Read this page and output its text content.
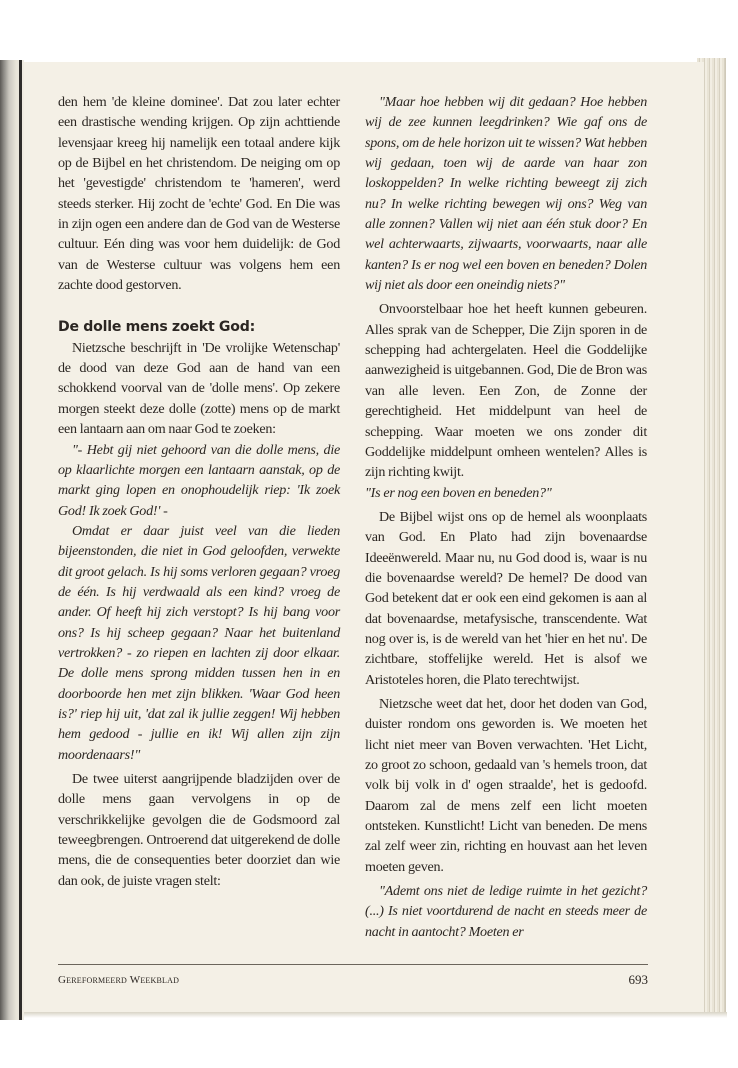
den hem 'de kleine dominee'. Dat zou later echter een drastische wending krijgen. Op zijn achttiende levensjaar kreeg hij namelijk een totaal andere kijk op de Bijbel en het christendom. De neiging om op het 'gevestigde' christendom te 'hameren', werd steeds sterker. Hij zocht de 'echte' God. En Die was in zijn ogen een andere dan de God van de Westerse cultuur. Eén ding was voor hem duidelijk: de God van de Westerse cultuur was volgens hem een zachte dood gestorven.

De dolle mens zoekt God:

Nietzsche beschrijft in 'De vrolijke Wetenschap' de dood van deze God aan de hand van een schokkend voorval van de 'dolle mens'. Op zekere morgen steekt deze dolle (zotte) mens op de markt een lantaarn aan om naar God te zoeken:

"- Hebt gij niet gehoord van die dolle mens, die op klaarlichte morgen een lantaarn aanstak, op de markt ging lopen en onophoudelijk riep: 'Ik zoek God! Ik zoek God!' -

Omdat er daar juist veel van die lieden bijeenstonden, die niet in God geloofden, verwekte dit groot gelach. Is hij soms verloren gegaan? vroeg de één. Is hij verdwaald als een kind? vroeg de ander. Of heeft hij zich verstopt? Is hij bang voor ons? Is hij scheep gegaan? Naar het buitenland vertrokken? - zo riepen en lachten zij door elkaar. De dolle mens sprong midden tussen hen in en doorboorde hen met zijn blikken. 'Waar God heen is?' riep hij uit, 'dat zal ik jullie zeggen! Wij hebben hem gedood - jullie en ik! Wij allen zijn zijn moordenaars!"

De twee uiterst aangrijpende bladzijden over de dolle mens gaan vervolgens in op de verschrikkelijke gevolgen die de Godsmoord zal teweegbrengen. Ontroerend dat uitgerekend de dolle mens, die de consequenties beter doorziet dan wie dan ook, de juiste vragen stelt:

"Maar hoe hebben wij dit gedaan? Hoe hebben wij de zee kunnen leegdrinken? Wie gaf ons de spons, om de hele horizon uit te wissen? Wat hebben wij gedaan, toen wij de aarde van haar zon loskoppelden? In welke richting beweegt zij zich nu? In welke richting bewegen wij ons? Weg van alle zonnen? Vallen wij niet aan één stuk door? En wel achterwaarts, zijwaarts, voorwaarts, naar alle kanten? Is er nog wel een boven en beneden? Dolen wij niet als door een oneindig niets?"

Onvoorstelbaar hoe het heeft kunnen gebeuren. Alles sprak van de Schepper, Die Zijn sporen in de schepping had achtergelaten. Heel die Goddelijke aanwezigheid is uitgebannen. God, Die de Bron was van alle leven. Een Zon, de Zonne der gerechtigheid. Het middelpunt van heel de schepping. Waar moeten we ons zonder dit Goddelijke middelpunt omheen wentelen? Alles is zijn richting kwijt.

"Is er nog een boven en beneden?"

De Bijbel wijst ons op de hemel als woonplaats van God. En Plato had zijn bovenaardse Ideeënwereld. Maar nu, nu God dood is, waar is nu die bovenaardse wereld? De hemel? De dood van God betekent dat er ook een eind gekomen is aan al dat bovenaardse, metafysische, transcendente. Wat nog over is, is de wereld van het 'hier en het nu'. De zichtbare, stoffelijke wereld. Het is alsof we Aristoteles horen, die Plato terechtwijst.

Nietzsche weet dat het, door het doden van God, duister rondom ons geworden is. We moeten het licht niet meer van Boven verwachten. 'Het Licht, zo groot zo schoon, gedaald van 's hemels troon, dat volk bij volk in d' ogen straalde', het is gedoofd. Daarom zal de mens zelf een licht moeten ontsteken. Kunstlicht! Licht van beneden. De mens zal zelf weer zin, richting en houvast aan het leven moeten geven.

"Ademt ons niet de ledige ruimte in het gezicht? (...) Is niet voortdurend de nacht en steeds meer de nacht in aantocht? Moeten er

Gereformeerd Weekblad	693
